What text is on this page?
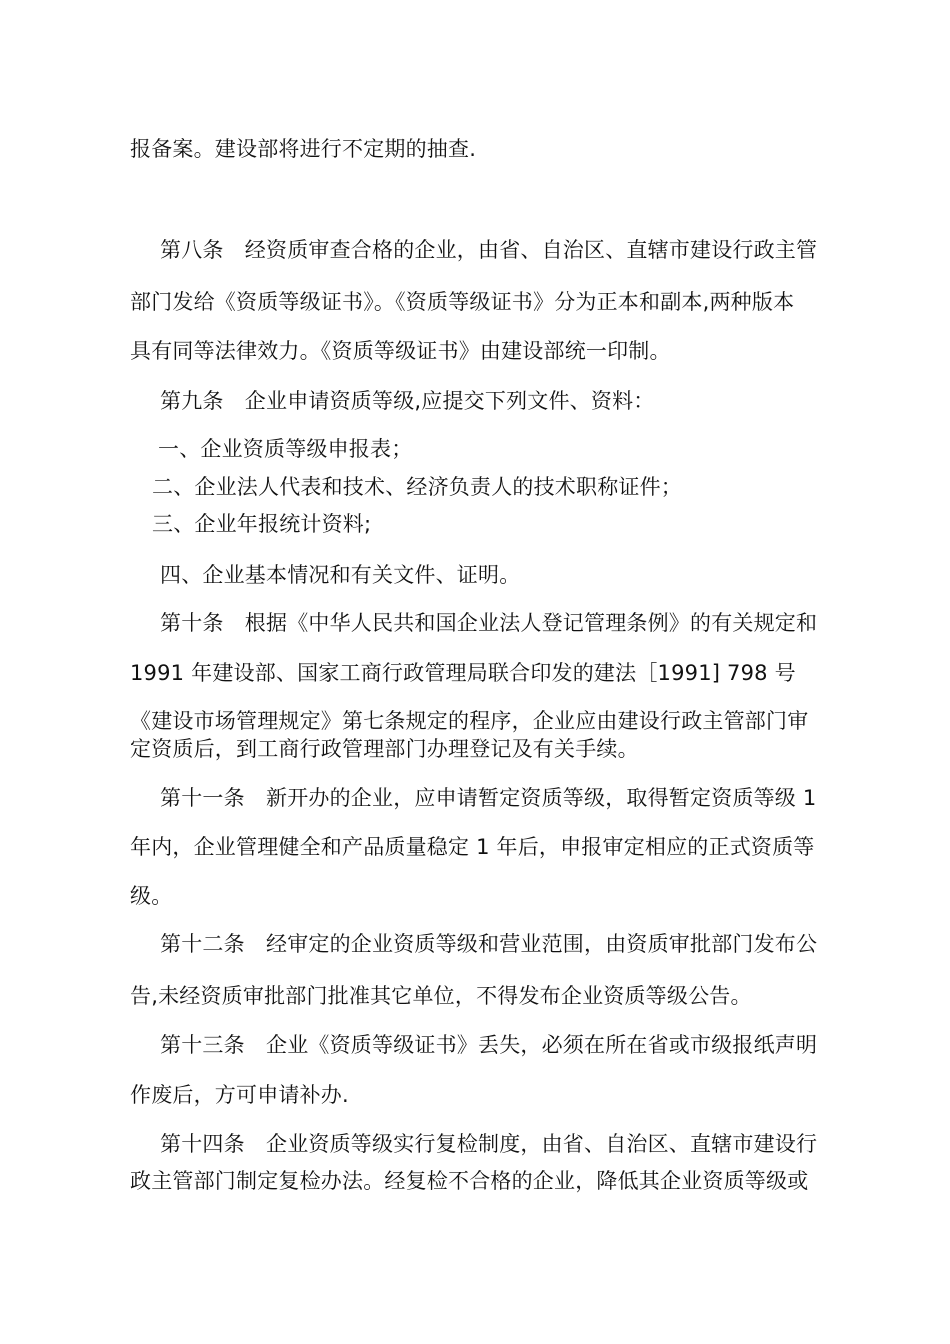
报备案。建设部将进行不定期的抽查.
第八条　经资质审查合格的企业，由省、自治区、直辖市建设行政主管
部门发给《资质等级证书》。《资质等级证书》分为正本和副本,两种版本
具有同等法律效力。《资质等级证书》由建设部统一印制。
第九条　企业申请资质等级,应提交下列文件、资料：
一、企业资质等级申报表；
二、企业法人代表和技术、经济负责人的技术职称证件；
三、企业年报统计资料;
四、企业基本情况和有关文件、证明。
第十条　根据《中华人民共和国企业法人登记管理条例》的有关规定和
1991 年建设部、国家工商行政管理局联合印发的建法［1991] 798 号
《建设市场管理规定》第七条规定的程序，企业应由建设行政主管部门审
定资质后，到工商行政管理部门办理登记及有关手续。
第十一条　新开办的企业，应申请暂定资质等级，取得暂定资质等级 1
年内，企业管理健全和产品质量稳定 1 年后，申报审定相应的正式资质等
级。
第十二条　经审定的企业资质等级和营业范围，由资质审批部门发布公
告,未经资质审批部门批准其它单位，不得发布企业资质等级公告。
第十三条　企业《资质等级证书》丢失，必须在所在省或市级报纸声明
作废后，方可申请补办.
第十四条　企业资质等级实行复检制度，由省、自治区、直辖市建设行
政主管部门制定复检办法。经复检不合格的企业，降低其企业资质等级或
